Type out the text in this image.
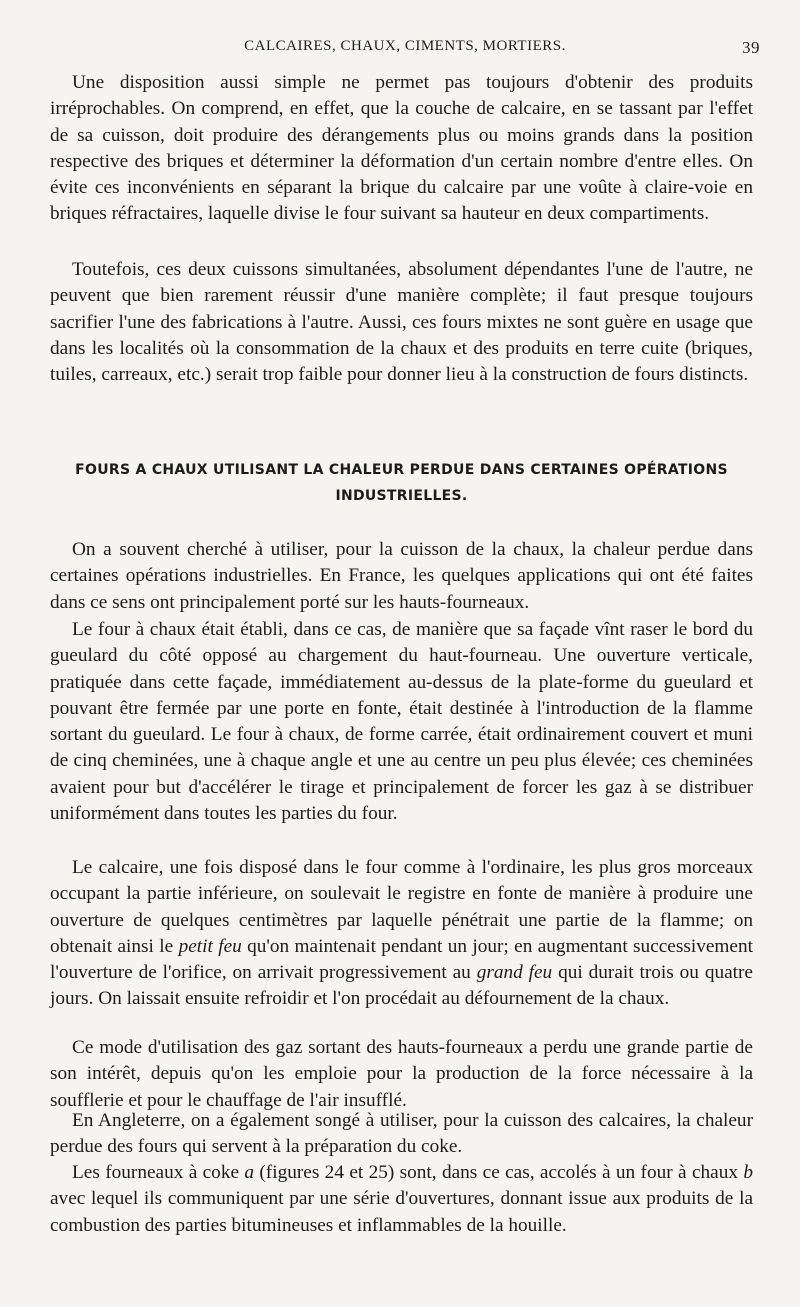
CALCAIRES, CHAUX, CIMENTS, MORTIERS.	39

Une disposition aussi simple ne permet pas toujours d'obtenir des produits irréprochables. On comprend, en effet, que la couche de calcaire, en se tassant par l'effet de sa cuisson, doit produire des dérangements plus ou moins grands dans la position respective des briques et déterminer la déformation d'un certain nombre d'entre elles. On évite ces inconvénients en séparant la brique du calcaire par une voûte à claire-voie en briques réfractaires, laquelle divise le four suivant sa hauteur en deux compartiments.

Toutefois, ces deux cuissons simultanées, absolument dépendantes l'une de l'autre, ne peuvent que bien rarement réussir d'une manière complète; il faut presque toujours sacrifier l'une des fabrications à l'autre. Aussi, ces fours mixtes ne sont guère en usage que dans les localités où la consommation de la chaux et des produits en terre cuite (briques, tuiles, carreaux, etc.) serait trop faible pour donner lieu à la construction de fours distincts.

FOURS A CHAUX UTILISANT LA CHALEUR PERDUE DANS CERTAINES OPÉRATIONS INDUSTRIELLES.

On a souvent cherché à utiliser, pour la cuisson de la chaux, la chaleur perdue dans certaines opérations industrielles. En France, les quelques applications qui ont été faites dans ce sens ont principalement porté sur les hauts-fourneaux.

Le four à chaux était établi, dans ce cas, de manière que sa façade vînt raser le bord du gueulard du côté opposé au chargement du haut-fourneau. Une ouverture verticale, pratiquée dans cette façade, immédiatement au-dessus de la plate-forme du gueulard et pouvant être fermée par une porte en fonte, était destinée à l'introduction de la flamme sortant du gueulard. Le four à chaux, de forme carrée, était ordinairement couvert et muni de cinq cheminées, une à chaque angle et une au centre un peu plus élevée; ces cheminées avaient pour but d'accélérer le tirage et principalement de forcer les gaz à se distribuer uniformément dans toutes les parties du four.

Le calcaire, une fois disposé dans le four comme à l'ordinaire, les plus gros morceaux occupant la partie inférieure, on soulevait le registre en fonte de manière à produire une ouverture de quelques centimètres par laquelle pénétrait une partie de la flamme; on obtenait ainsi le petit feu qu'on maintenait pendant un jour; en augmentant successivement l'ouverture de l'orifice, on arrivait progressivement au grand feu qui durait trois ou quatre jours. On laissait ensuite refroidir et l'on procédait au défournement de la chaux.

Ce mode d'utilisation des gaz sortant des hauts-fourneaux a perdu une grande partie de son intérêt, depuis qu'on les emploie pour la production de la force nécessaire à la soufflerie et pour le chauffage de l'air insufflé.

En Angleterre, on a également songé à utiliser, pour la cuisson des calcaires, la chaleur perdue des fours qui servent à la préparation du coke.

Les fourneaux à coke a (figures 24 et 25) sont, dans ce cas, accolés à un four à chaux b avec lequel ils communiquent par une série d'ouvertures, donnant issue aux produits de la combustion des parties bitumineuses et inflammables de la houille.
